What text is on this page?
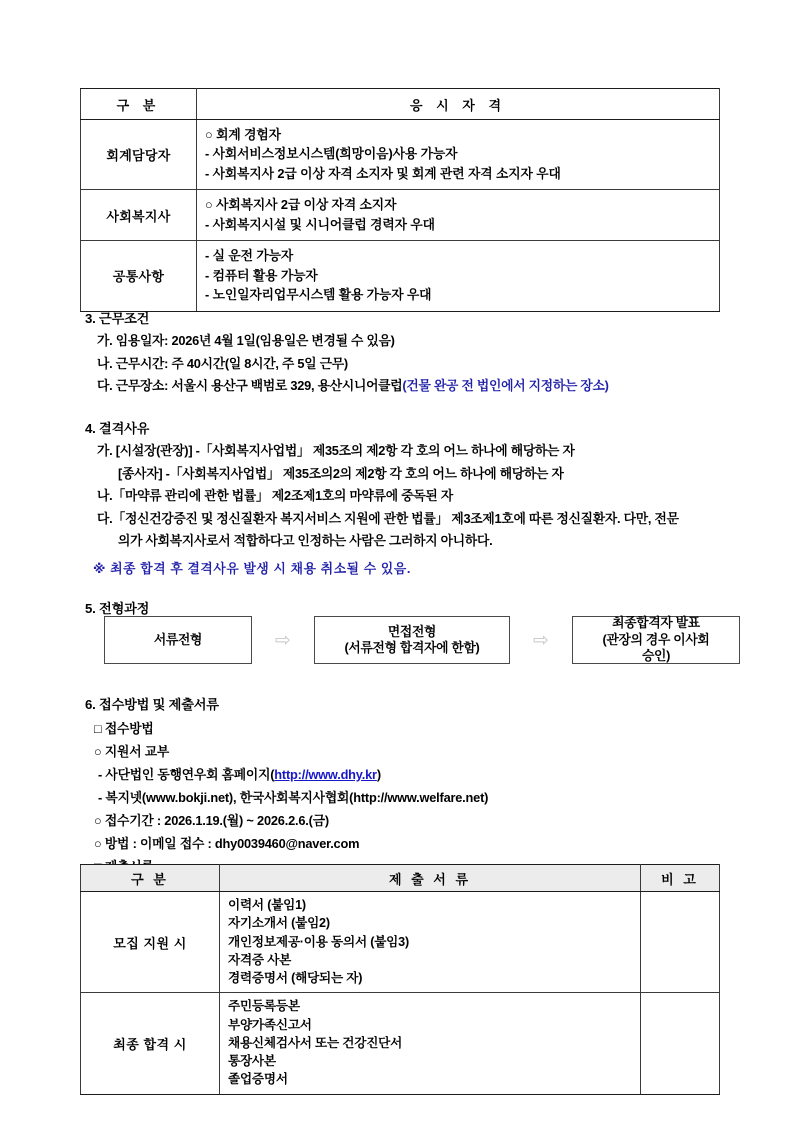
구 분	응 시 자 격
회계담당자	○ 회계 경험자
- 사회서비스정보시스템(희망이음)사용 가능자
- 사회복지사 2급 이상 자격 소지자 및 회계 관련 자격 소지자 우대

사회복지사	○ 사회복지사 2급 이상 자격 소지자
- 사회복지시설 및 시니어클럽 경력자 우대

공통사항	- 실 운전 가능자
- 컴퓨터 활용 가능자
- 노인일자리업무시스템 활용 가능자 우대
3. 근무조건
가. 임용일자: 2026년 4월 1일(임용일은 변경될 수 있음)
나. 근무시간: 주 40시간(일 8시간, 주 5일 근무)
다. 근무장소: 서울시 용산구 백범로 329, 용산시니어클럽(건물 완공 전 법인에서 지정하는 장소)
4. 결격사유
가. [시설장(관장)] -「사회복지사업법」 제35조의 제2항 각 호의 어느 하나에 해당하는 자
[종사자] -「사회복지사업법」 제35조의2의 제2항 각 호의 어느 하나에 해당하는 자
나.「마약류 관리에 관한 법률」 제2조제1호의 마약류에 중독된 자
다.「정신건강증진 및 정신질환자 복지서비스 지원에 관한 법률」 제3조제1호에 따른 정신질환자. 다만, 전문
의가 사회복지사로서 적합하다고 인정하는 사람은 그러하지 아니하다.
※ 최종 합격 후 결격사유 발생 시 채용 취소될 수 있음.
5. 전형과정
서류전형	⇨	면접전형
(서류전형 합격자에 한함)	⇨
최종합격자 발표
(관장의 경우 이사회
승인)
6. 접수방법 및 제출서류
□ 접수방법
○ 지원서 교부
- 사단법인 동행연우회 홈페이지(http://www.dhy.kr)
- 복지넷(www.bokji.net), 한국사회복지사협회(http://www.welfare.net)
○ 접수기간 : 2026.1.19.(월) ~ 2026.2.6.(금)
○ 방법 : 이메일 접수 : dhy0039460@naver.com
구 분	제 출 서 류	비 고
모집 지원 시	이력서 (붙임1)
자기소개서 (붙임2)
개인정보제공·이용 동의서 (붙임3)
자격증 사본
경력증명서 (해당되는 자)	

최종 합격 시	주민등록등본
부양가족신고서
채용신체검사서 또는 건강진단서
통장사본
졸업증명서	
